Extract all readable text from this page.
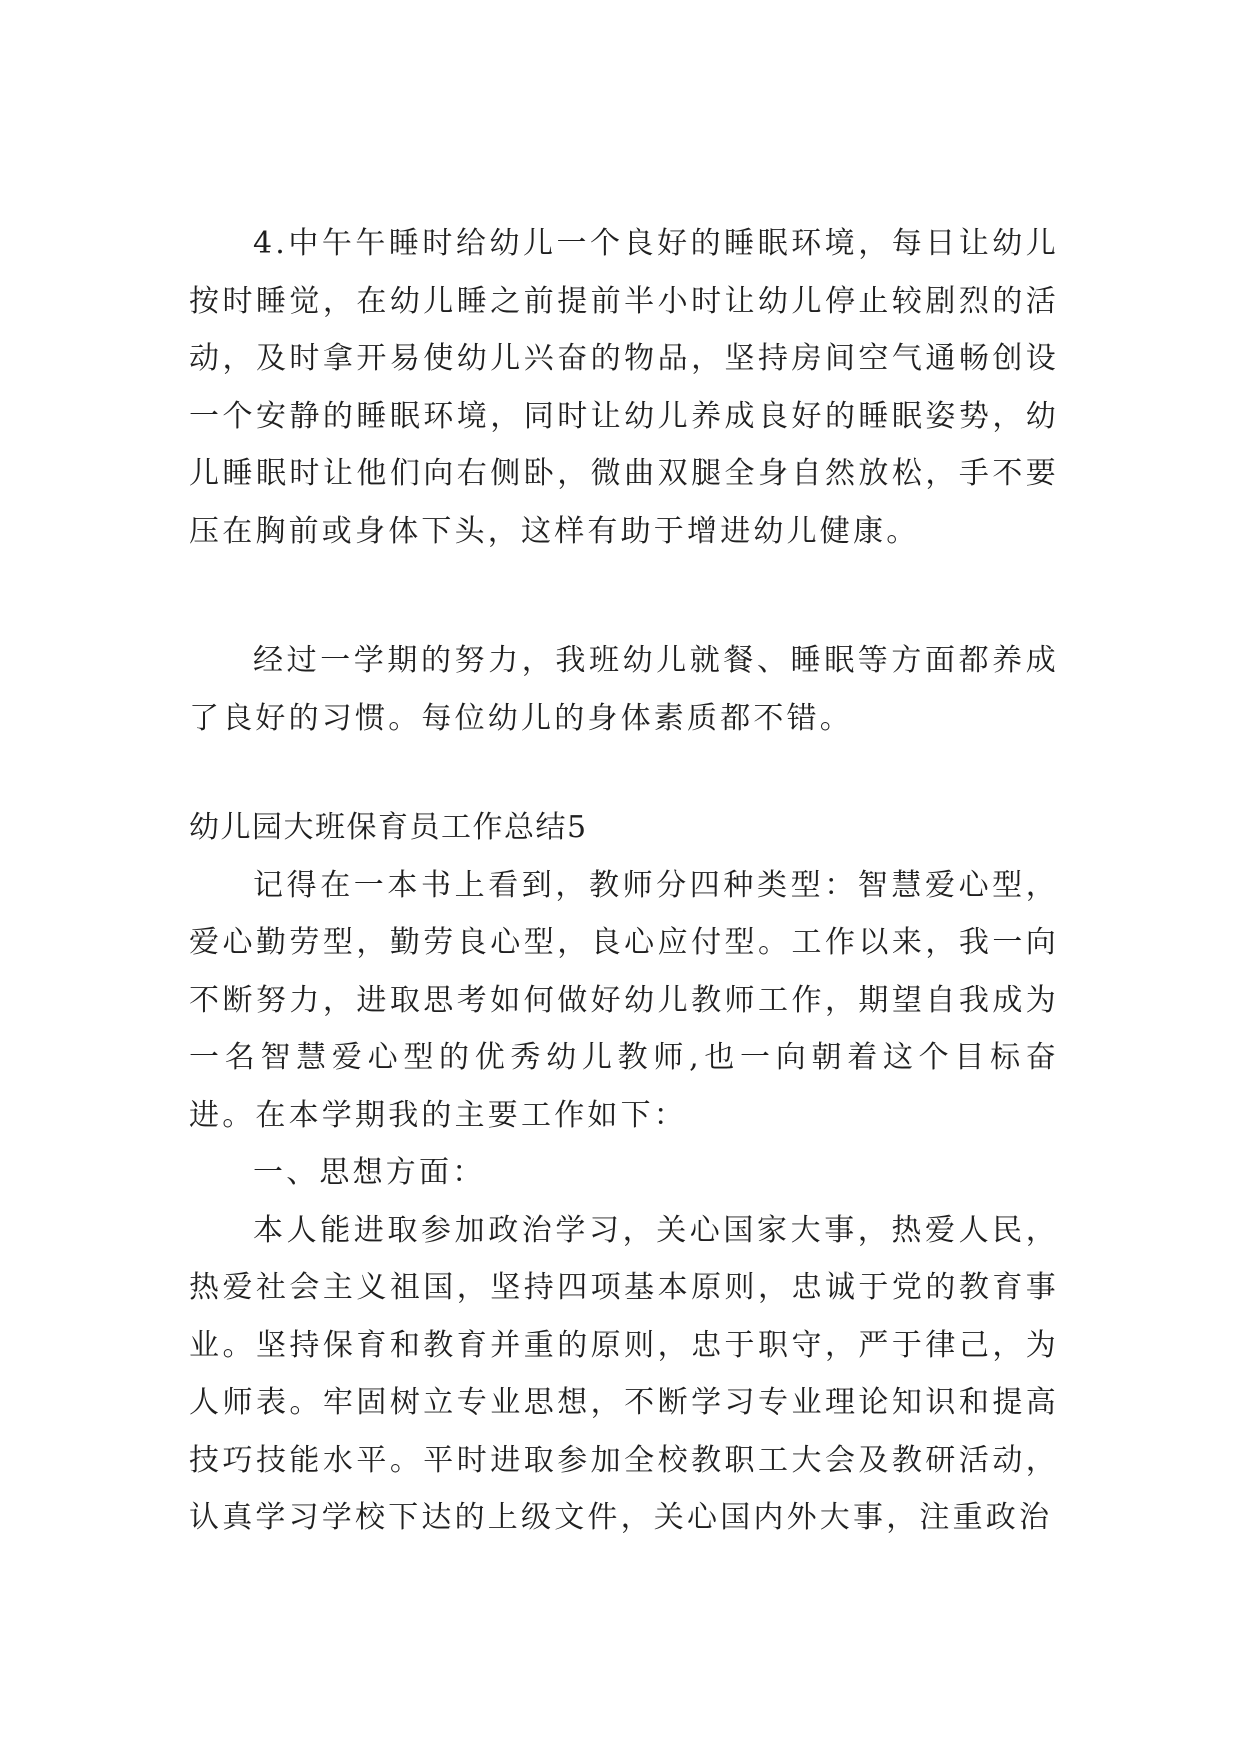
4.中午午睡时给幼儿一个良好的睡眠环境，每日让幼儿按时睡觉，在幼儿睡之前提前半小时让幼儿停止较剧烈的活动，及时拿开易使幼儿兴奋的物品，坚持房间空气通畅创设一个安静的睡眠环境，同时让幼儿养成良好的睡眠姿势，幼儿睡眠时让他们向右侧卧，微曲双腿全身自然放松，手不要压在胸前或身体下头，这样有助于增进幼儿健康。

经过一学期的努力，我班幼儿就餐、睡眠等方面都养成了良好的习惯。每位幼儿的身体素质都不错。

幼儿园大班保育员工作总结5

记得在一本书上看到，教师分四种类型：智慧爱心型，爱心勤劳型，勤劳良心型，良心应付型。工作以来，我一向不断努力，进取思考如何做好幼儿教师工作，期望自我成为一名智慧爱心型的优秀幼儿教师,也一向朝着这个目标奋进。在本学期我的主要工作如下：

一、思想方面：

本人能进取参加政治学习，关心国家大事，热爱人民，热爱社会主义祖国，坚持四项基本原则，忠诚于党的教育事业。坚持保育和教育并重的原则，忠于职守，严于律己，为人师表。牢固树立专业思想，不断学习专业理论知识和提高技巧技能水平。平时进取参加全校教职工大会及教研活动，认真学习学校下达的上级文件，关心国内外大事，注重政治
